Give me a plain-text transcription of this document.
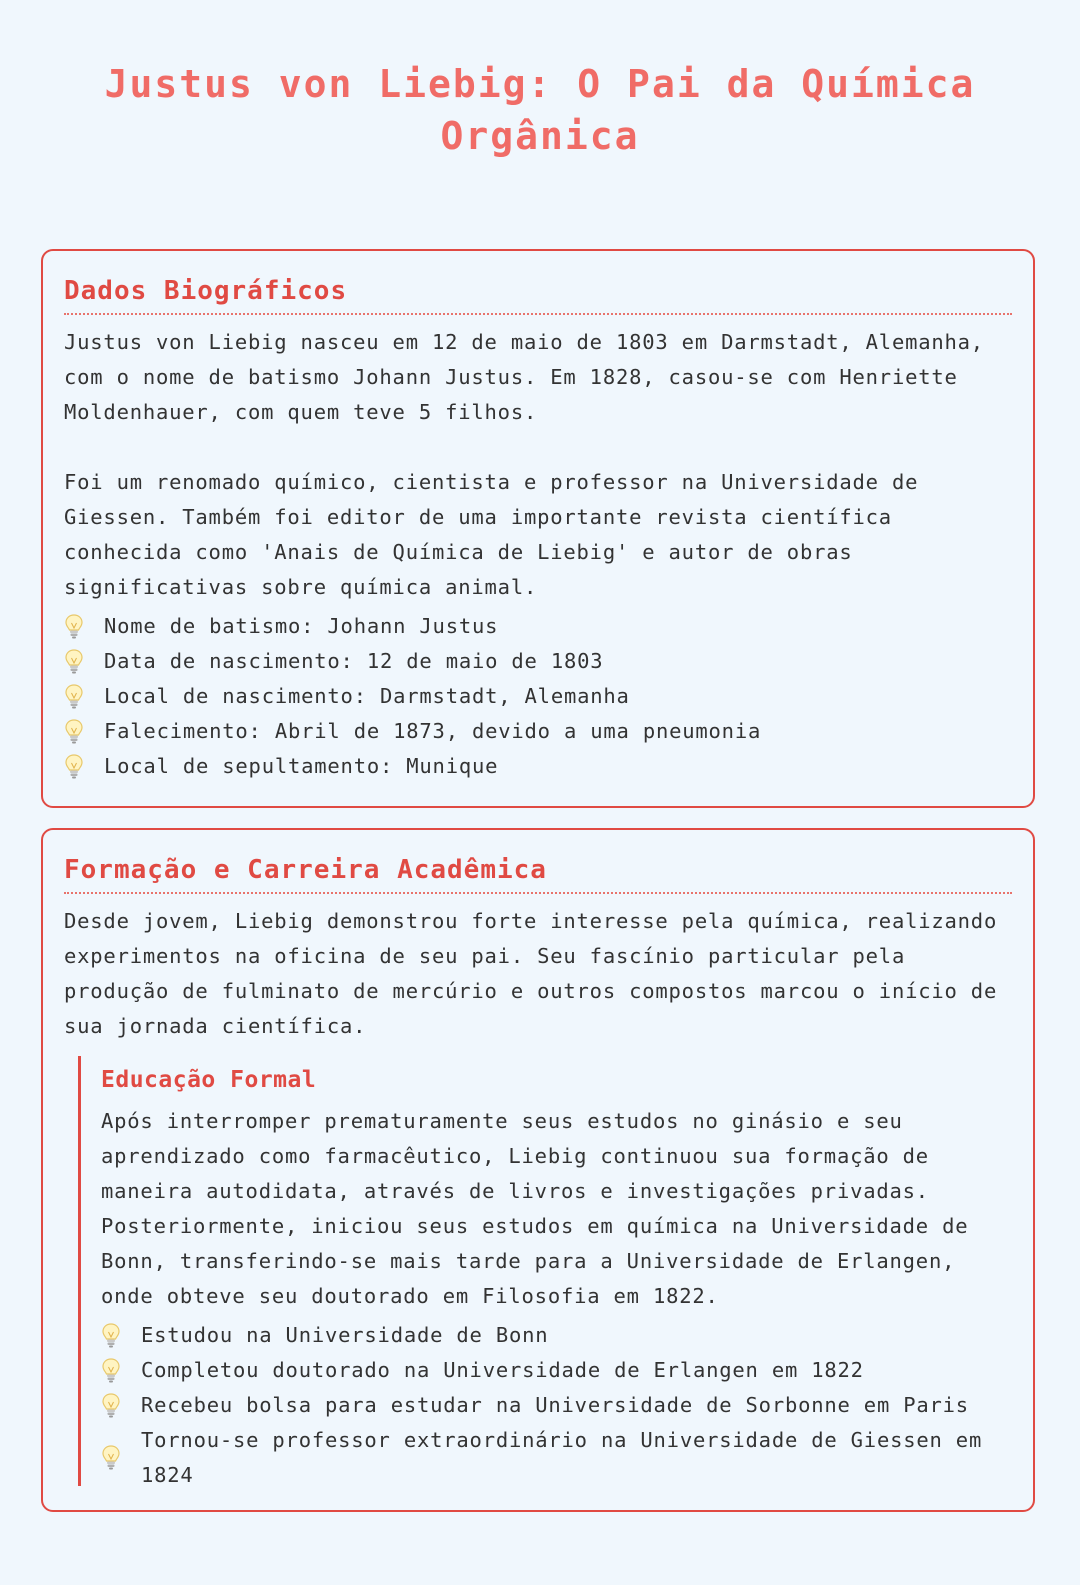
Justus von Liebig: O Pai da Química
Orgânica
Dados Biográficos
Justus von Liebig nasceu em 12 de maio de 1803 em Darmstadt, Alemanha,
com o nome de batismo Johann Justus. Em 1828, casou-se com Henriette
Moldenhauer, com quem teve 5 filhos.
Foi um renomado químico, cientista e professor na Universidade de
Giessen. Também foi editor de uma importante revista científica
conhecida como 'Anais de Química de Liebig' e autor de obras
significativas sobre química animal.
Nome de batismo: Johann Justus
Data de nascimento: 12 de maio de 1803
Local de nascimento: Darmstadt, Alemanha
Falecimento: Abril de 1873, devido a uma pneumonia
Local de sepultamento: Munique
Formação e Carreira Acadêmica
Desde jovem, Liebig demonstrou forte interesse pela química, realizando
experimentos na oficina de seu pai. Seu fascínio particular pela
produção de fulminato de mercúrio e outros compostos marcou o início de
sua jornada científica.
Educação Formal
Após interromper prematuramente seus estudos no ginásio e seu
aprendizado como farmacêutico, Liebig continuou sua formação de
maneira autodidata, através de livros e investigações privadas.
Posteriormente, iniciou seus estudos em química na Universidade de
Bonn, transferindo-se mais tarde para a Universidade de Erlangen,
onde obteve seu doutorado em Filosofia em 1822.
Estudou na Universidade de Bonn
Completou doutorado na Universidade de Erlangen em 1822
Recebeu bolsa para estudar na Universidade de Sorbonne em Paris
Tornou-se professor extraordinário na Universidade de Giessen em
1824
